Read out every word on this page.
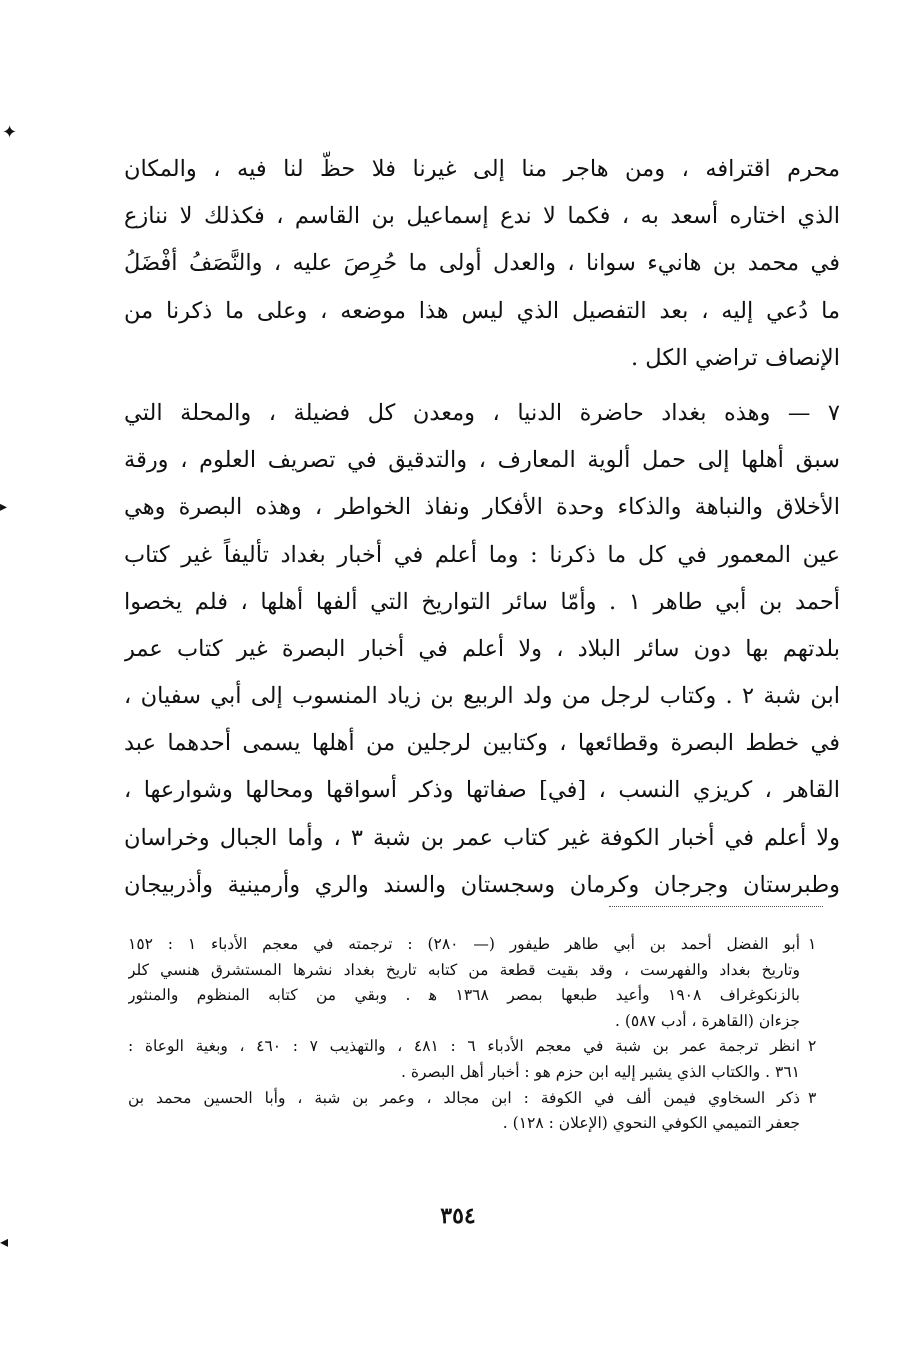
✦
▸
◂
محرم اقترافه ، ومن هاجر منا إلى غيرنا فلا حظّ لنا فيه ، والمكان
الذي اختاره أسعد به ، فكما لا ندع إسماعيل بن القاسم ، فكذلك لا ننازع
في محمد بن هانيء سوانا ، والعدل أولى ما حُرِصَ عليه ، والنَّصَفُ أفْضَلُ
ما دُعي إليه ، بعد التفصيل الذي ليس هذا موضعه ، وعلى ما ذكرنا من
الإنصاف تراضي الكل .
٧ — وهذه بغداد حاضرة الدنيا ، ومعدن كل فضيلة ، والمحلة التي
سبق أهلها إلى حمل ألوية المعارف ، والتدقيق في تصريف العلوم ، ورقة
الأخلاق والنباهة والذكاء وحدة الأفكار ونفاذ الخواطر ، وهذه البصرة وهي
عين المعمور في كل ما ذكرنا : وما أعلم في أخبار بغداد تأليفاً غير كتاب
أحمد بن أبي طاهر ١ . وأمّا سائر التواريخ التي ألفها أهلها ، فلم يخصوا
بلدتهم بها دون سائر البلاد ، ولا أعلم في أخبار البصرة غير كتاب عمر
ابن شبة ٢ . وكتاب لرجل من ولد الربيع بن زياد المنسوب إلى أبي سفيان ،
في خطط البصرة وقطائعها ، وكتابين لرجلين من أهلها يسمى أحدهما عبد
القاهر ، كريزي النسب ، [في] صفاتها وذكر أسواقها ومحالها وشوارعها ،
ولا أعلم في أخبار الكوفة غير كتاب عمر بن شبة ٣ ، وأما الجبال وخراسان
وطبرستان وجرجان وكرمان وسجستان والسند والري وأرمينية وأذربيجان
١
أبو الفضل أحمد بن أبي طاهر طيفور (— ٢٨٠) : ترجمته في معجم الأدباء ١ : ١٥٢
وتاريخ بغداد والفهرست ، وقد بقيت قطعة من كتابه تاريخ بغداد نشرها المستشرق هنسي كلر
بالزنكوغراف ١٩٠٨ وأعيد طبعها بمصر ١٣٦٨ ﻫ . وبقي من كتابه المنظوم والمنثور
جزءان (القاهرة ، أدب ٥٨٧) .
٢
انظر ترجمة عمر بن شبة في معجم الأدباء ٦ : ٤٨١ ، والتهذيب ٧ : ٤٦٠ ، وبغية الوعاة :
٣٦١ . والكتاب الذي يشير إليه ابن حزم هو : أخبار أهل البصرة .
٣
ذكر السخاوي فيمن ألف في الكوفة : ابن مجالد ، وعمر بن شبة ، وأبا الحسين محمد بن
جعفر التميمي الكوفي النحوي (الإعلان : ١٢٨) .
٣٥٤
